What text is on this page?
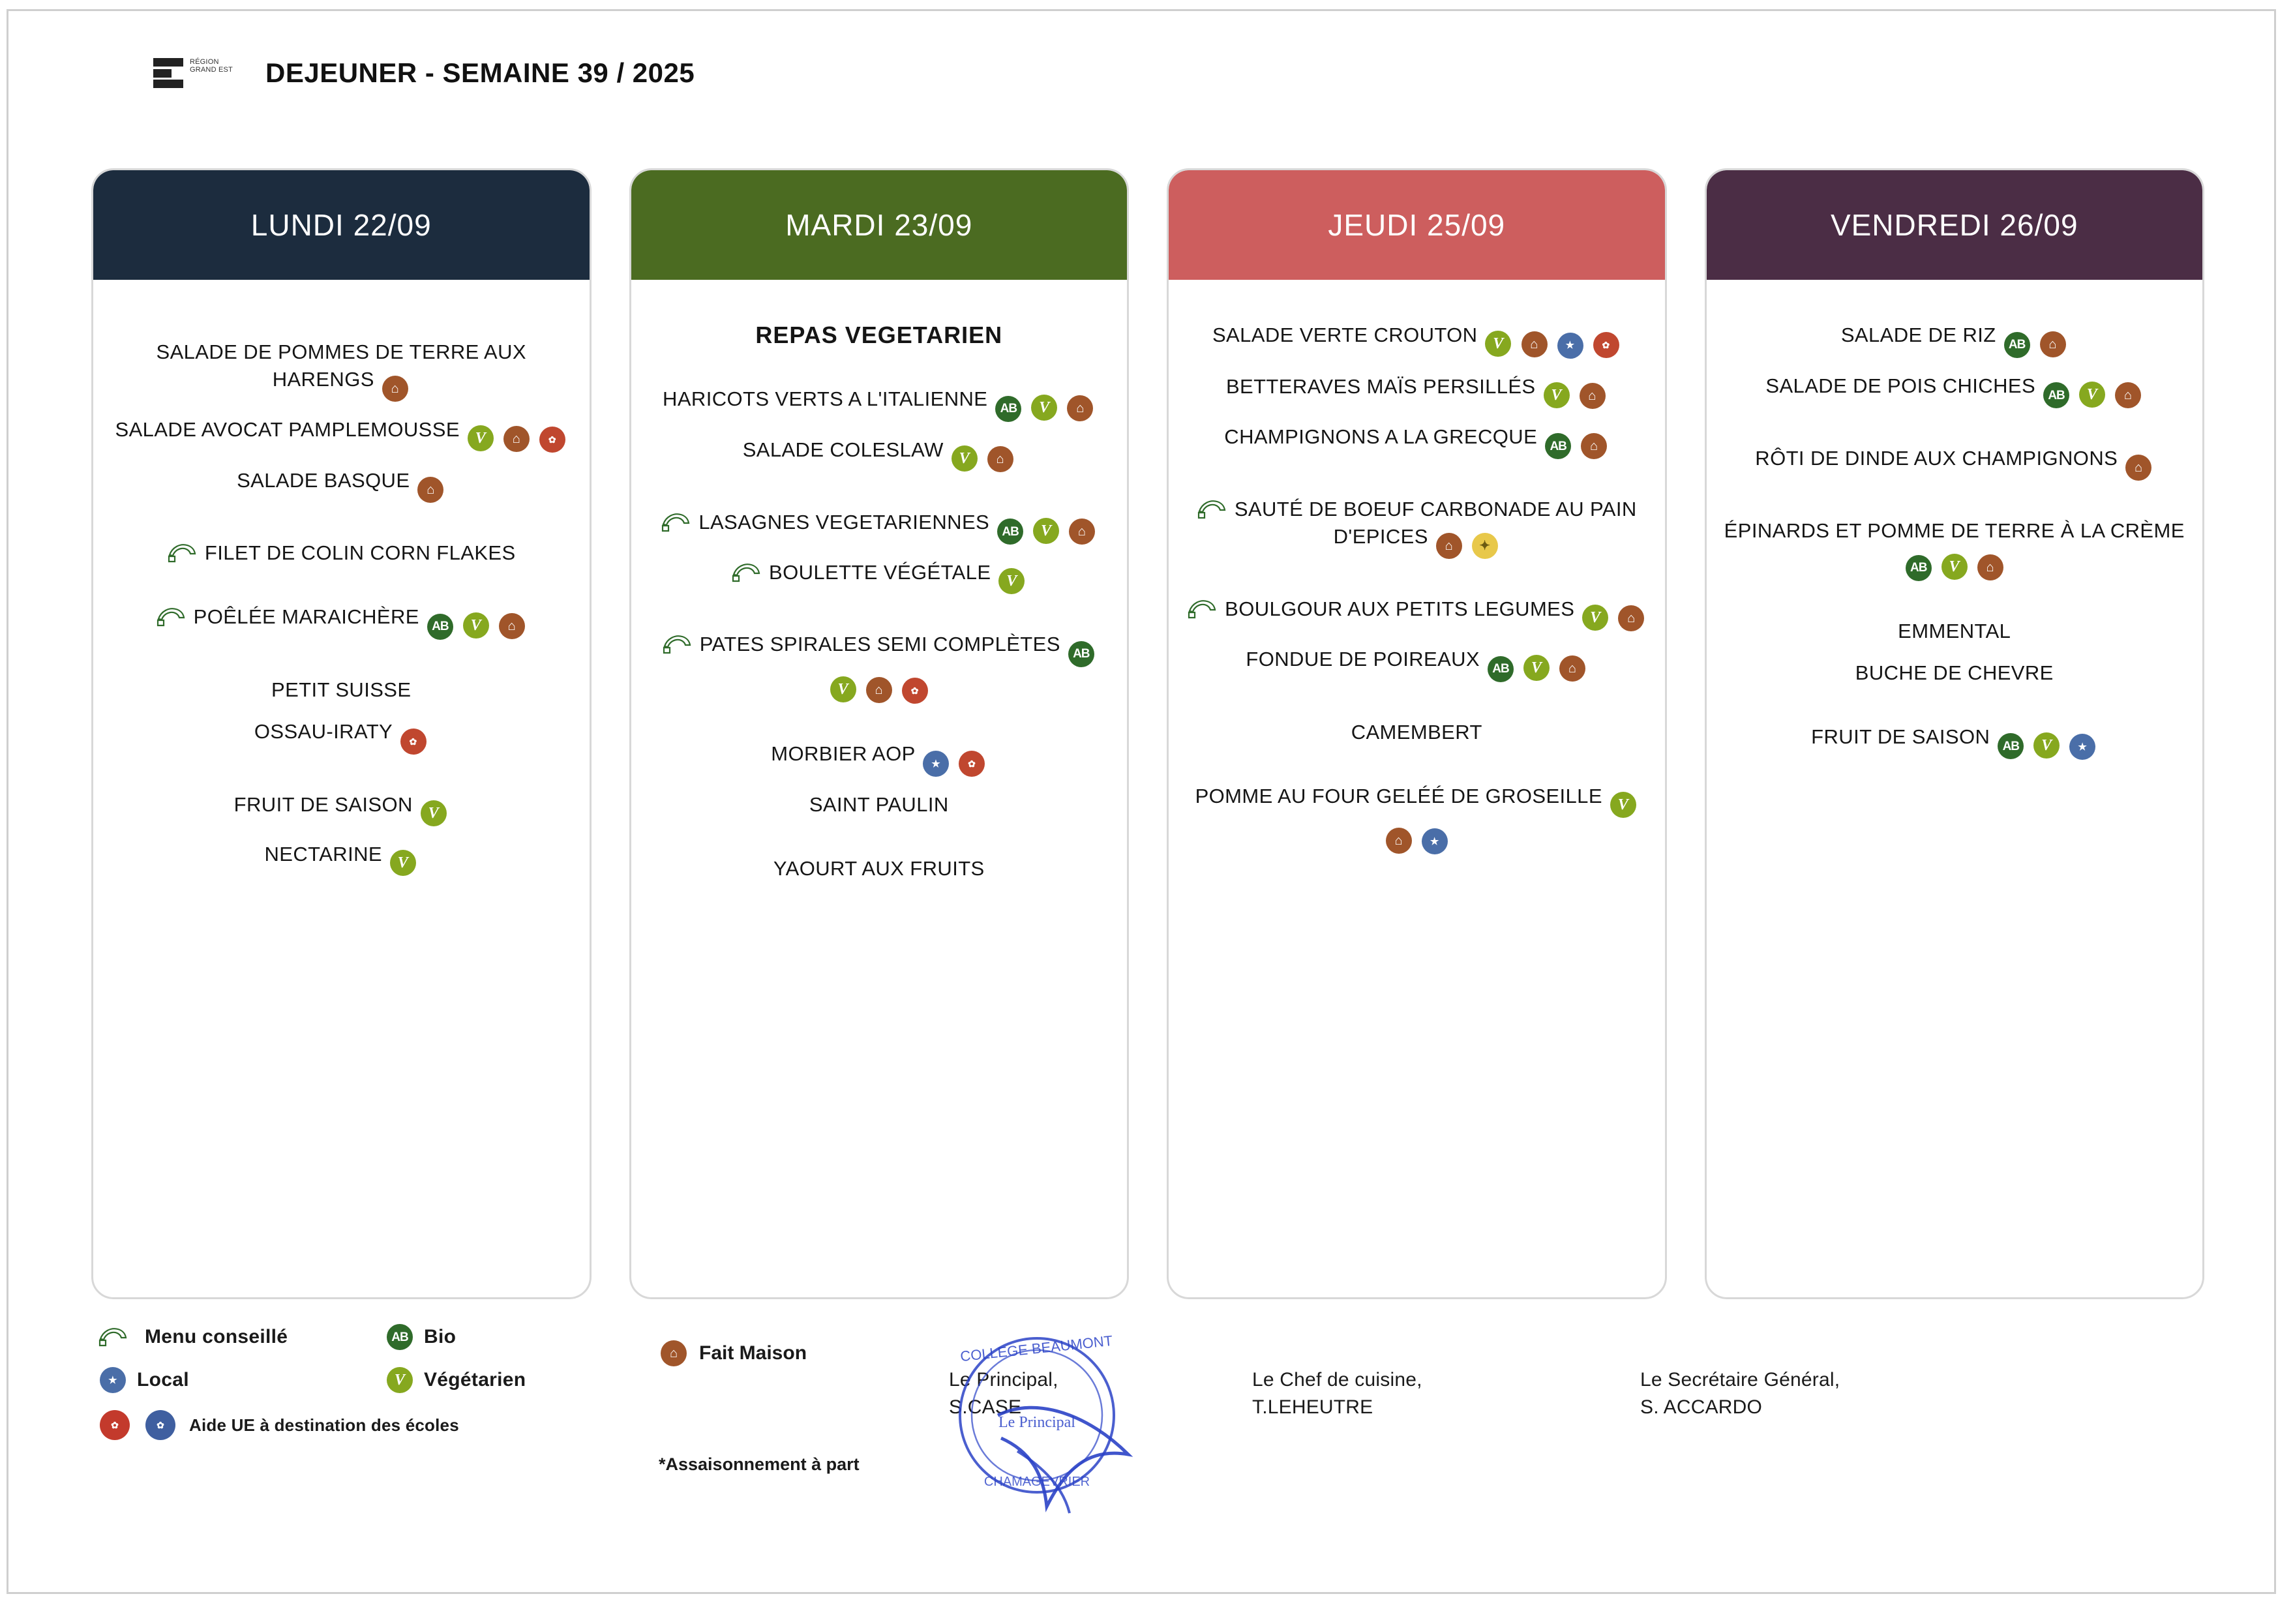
RÉGION GRAND EST	DEJEUNER - SEMAINE 39 / 2025
LUNDI 22/09
SALADE DE POMMES DE TERRE AUX HARENGS ⌂
SALADE AVOCAT PAMPLEMOUSSE V ⌂	✿
SALADE BASQUE ⌂
FILET DE COLIN CORN FLAKES
POÊLÉE MARAICHÈRE AB V ⌂
PETIT SUISSE
OSSAU-IRATY ✿
FRUIT DE SAISON V
NECTARINE V
MARDI 23/09
REPAS VEGETARIEN
HARICOTS VERTS A L'ITALIENNE AB V ⌂
SALADE COLESLAW V ⌂
LASAGNES VEGETARIENNES AB V ⌂
BOULETTE VÉGÉTALE V
PATES SPIRALES SEMI COMPLÈTES AB V ⌂	✿
MORBIER AOP ★	✿
SAINT PAULIN
YAOURT AUX FRUITS
JEUDI 25/09
SALADE VERTE CROUTON V ⌂	★	✿
BETTERAVES MAÏS PERSILLÉS V ⌂
CHAMPIGNONS A LA GRECQUE AB ⌂
SAUTÉ DE BOEUF CARBONADE AU PAIN D'EPICES ⌂ ✦
BOULGOUR AUX PETITS LEGUMES V ⌂
FONDUE DE POIREAUX AB V ⌂
CAMEMBERT
POMME AU FOUR GELÉÉ DE GROSEILLE V ⌂	★
VENDREDI 26/09
SALADE DE RIZ AB ⌂
SALADE DE POIS CHICHES AB V ⌂
RÔTI DE DINDE AUX CHAMPIGNONS ⌂
ÉPINARDS ET POMME DE TERRE À LA CRÈME AB V ⌂
EMMENTAL
BUCHE DE CHEVRE
FRUIT DE SAISON AB V	★
Menu conseillé	AB Bio
★	Local	V Végétarien
✿	✿	Aide UE à destination des écoles
⌂	Fait Maison
*Assaisonnement à part
Le Principal,
S.CASE
Le Chef de cuisine,
T.LEHEUTRE
Le Secrétaire Général,
S. ACCARDO
COLLEGE BEAUMONT
Le Principal
CHAMAGEVRIER
